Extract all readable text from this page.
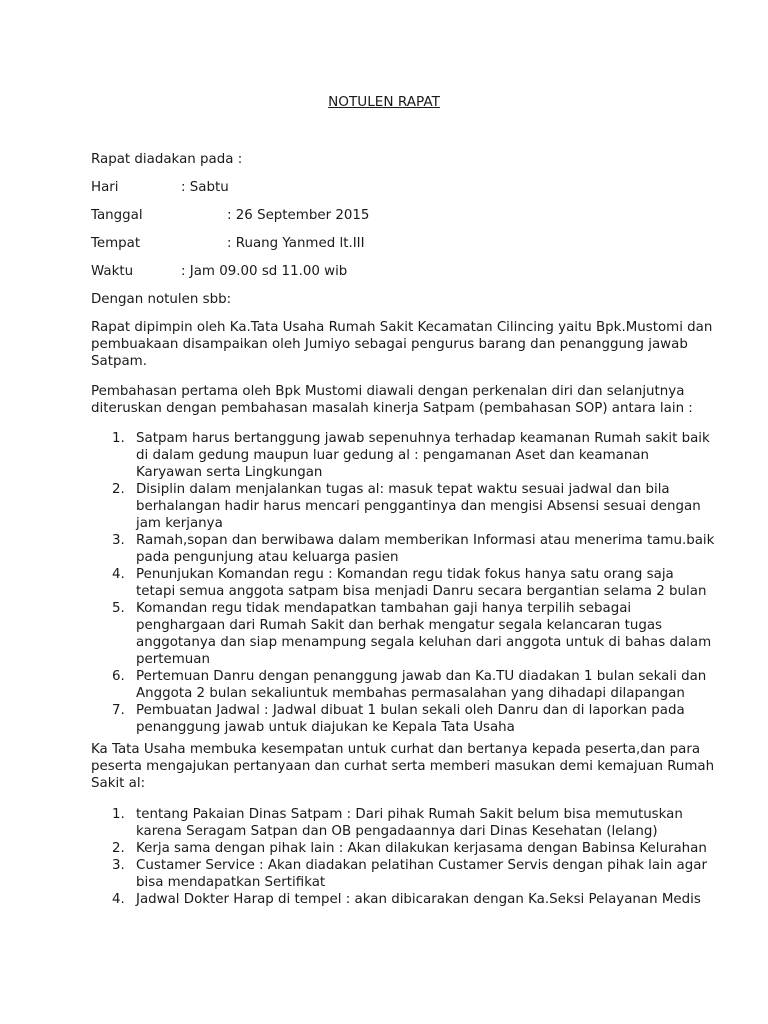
NOTULEN RAPAT
Rapat diadakan pada :
Hari	: Sabtu
Tanggal	: 26 September 2015
Tempat	: Ruang Yanmed lt.III
Waktu	: Jam 09.00 sd 11.00 wib
Dengan notulen sbb:
Rapat dipimpin oleh Ka.Tata Usaha Rumah Sakit Kecamatan Cilincing yaitu Bpk.Mustomi dan
pembuakaan disampaikan oleh Jumiyo sebagai pengurus barang dan penanggung jawab
Satpam.
Pembahasan pertama oleh Bpk Mustomi diawali dengan perkenalan diri dan selanjutnya
diteruskan dengan pembahasan masalah kinerja Satpam (pembahasan SOP) antara lain :
1. Satpam harus bertanggung jawab sepenuhnya terhadap keamanan Rumah sakit baik
di dalam gedung maupun luar gedung al : pengamanan Aset dan keamanan
Karyawan serta Lingkungan
2. Disiplin dalam menjalankan tugas al: masuk tepat waktu sesuai jadwal dan bila
berhalangan hadir harus mencari penggantinya dan mengisi Absensi sesuai dengan
jam kerjanya
3. Ramah,sopan dan berwibawa dalam memberikan Informasi atau menerima tamu.baik
pada pengunjung atau keluarga pasien
4. Penunjukan Komandan regu : Komandan regu tidak fokus hanya satu orang saja
tetapi semua anggota satpam bisa menjadi Danru secara bergantian selama 2 bulan
5. Komandan regu tidak mendapatkan tambahan gaji hanya terpilih sebagai
penghargaan dari Rumah Sakit dan berhak mengatur segala kelancaran tugas
anggotanya dan siap menampung segala keluhan dari anggota untuk di bahas dalam
pertemuan
6. Pertemuan Danru dengan penanggung jawab dan Ka.TU diadakan 1 bulan sekali dan
Anggota 2 bulan sekaliuntuk membahas permasalahan yang dihadapi dilapangan
7. Pembuatan Jadwal : Jadwal dibuat 1 bulan sekali oleh Danru dan di laporkan pada
penanggung jawab untuk diajukan ke Kepala Tata Usaha
Ka Tata Usaha membuka kesempatan untuk curhat dan bertanya kepada peserta,dan para
peserta mengajukan pertanyaan dan curhat serta memberi masukan demi kemajuan Rumah
Sakit al:
1. tentang Pakaian Dinas Satpam : Dari pihak Rumah Sakit belum bisa memutuskan
karena Seragam Satpan dan OB pengadaannya dari Dinas Kesehatan (lelang)
2. Kerja sama dengan pihak lain : Akan dilakukan kerjasama dengan Babinsa Kelurahan
3. Custamer Service : Akan diadakan pelatihan Custamer Servis dengan pihak lain agar
bisa mendapatkan Sertifikat
4. Jadwal Dokter Harap di tempel : akan dibicarakan dengan Ka.Seksi Pelayanan Medis
